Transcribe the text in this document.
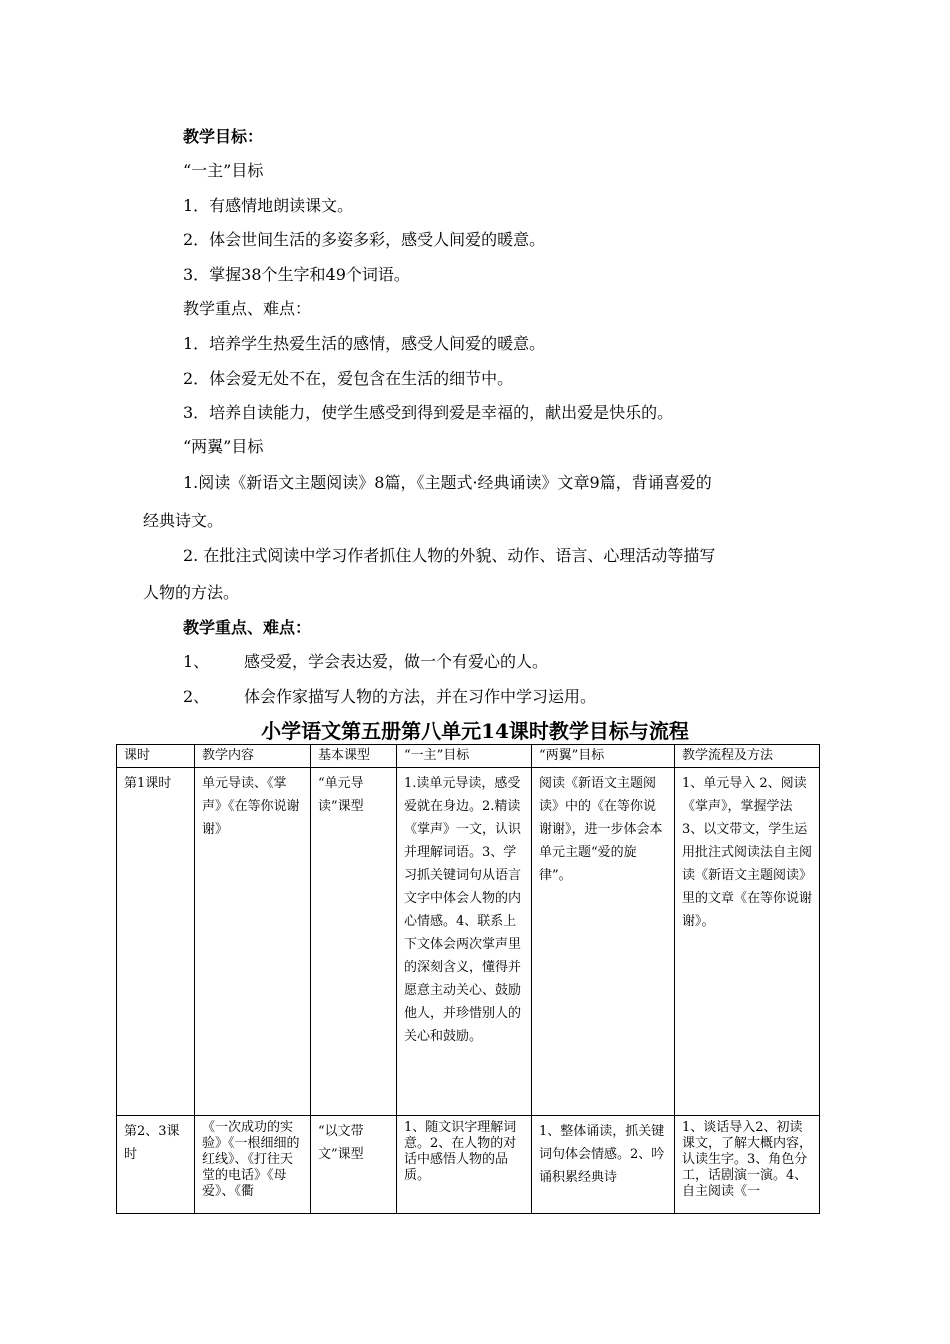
教学目标：
“一主”目标
1．有感情地朗读课文。
2．体会世间生活的多姿多彩，感受人间爱的暖意。
3．掌握38个生字和49个词语。
教学重点、难点：
1．培养学生热爱生活的感情，感受人间爱的暖意。
2．体会爱无处不在，爱包含在生活的细节中。
3．培养自读能力，使学生感受到得到爱是幸福的，献出爱是快乐的。
“两翼”目标
1.阅读《新语文主题阅读》8篇，《主题式·经典诵读》文章9篇，背诵喜爱的
经典诗文。
2. 在批注式阅读中学习作者抓住人物的外貌、动作、语言、心理活动等描写
人物的方法。
教学重点、难点：
1、 感受爱，学会表达爱，做一个有爱心的人。
2、 体会作家描写人物的方法，并在习作中学习运用。
小学语文第五册第八单元14课时教学目标与流程
课时	教学内容	基本课型	“一主”目标	“两翼”目标	教学流程及方法
第1课时	单元导读、《掌声》《在等你说谢谢》	“单元导读”课型	1.读单元导读，感受爱就在身边。2.精读《掌声》一文，认识并理解词语。3、学习抓关键词句从语言文字中体会人物的内心情感。4、联系上下文体会两次掌声里的深刻含义，懂得并愿意主动关心、鼓励他人，并珍惜别人的关心和鼓励。	阅读《新语文主题阅读》中的《在等你说谢谢》，进一步体会本单元主题“爱的旋律”。	1、单元导入 2、阅读《掌声》，掌握学法3、以文带文，学生运用批注式阅读法自主阅读《新语文主题阅读》里的文章《在等你说谢谢》。
第2、3课时	《一次成功的实验》《一根细细的红线》、《打往天堂的电话》《母爱》、《衢	“以文带文”课型	1、随文识字理解词意。2、在人物的对话中感悟人物的品质。	1、整体诵读，抓关键词句体会情感。2、吟诵积累经典诗	1、谈话导入2、初读课文，了解大概内容，认读生字。3、角色分工，话剧演一演。4、自主阅读《一
